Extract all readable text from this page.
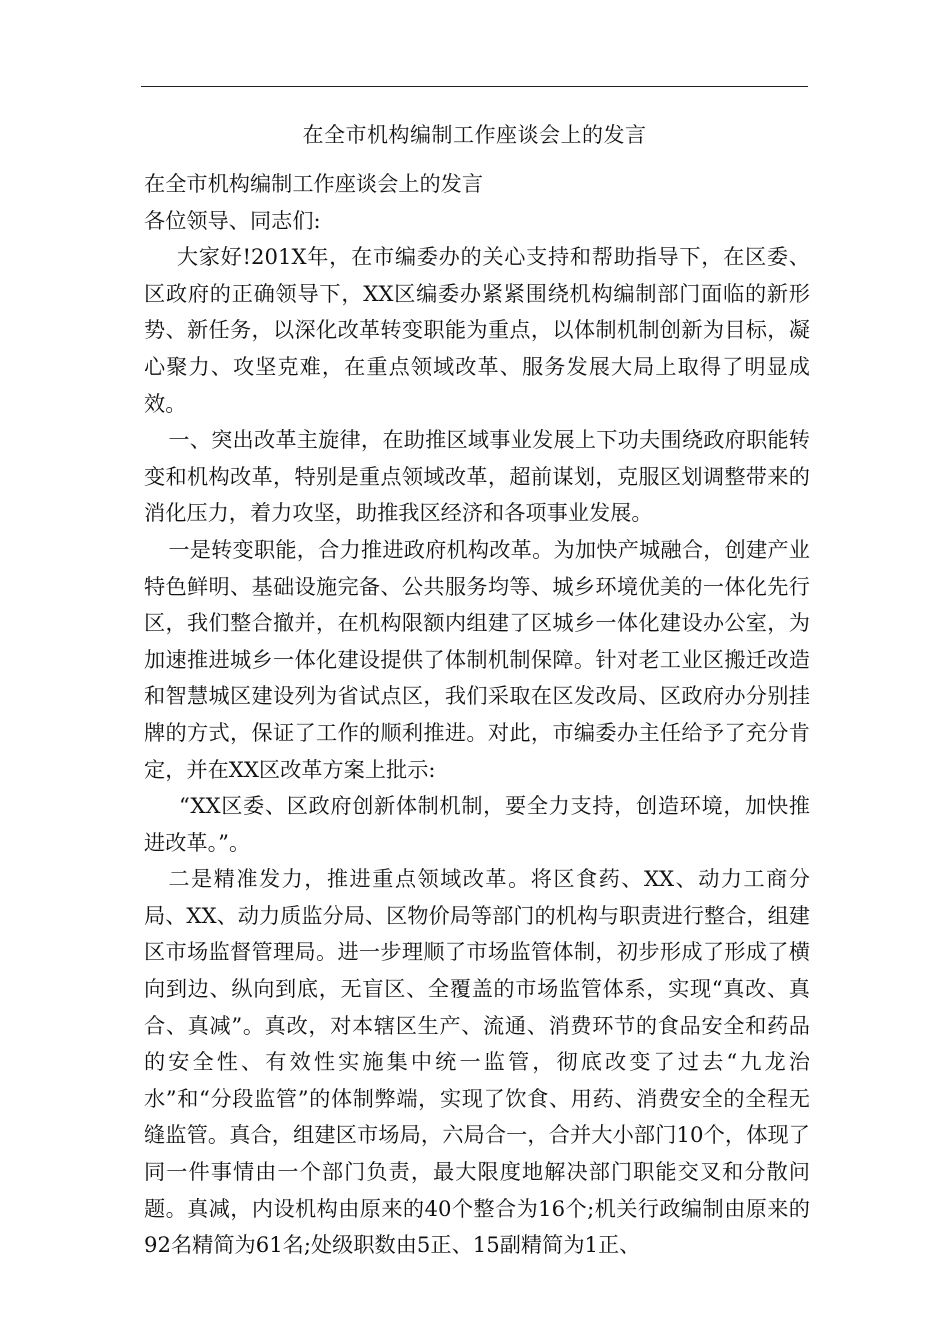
在全市机构编制工作座谈会上的发言

在全市机构编制工作座谈会上的发言

各位领导、同志们:

大家好!201X年，在市编委办的关心支持和帮助指导下，在区委、区政府的正确领导下，XX区编委办紧紧围绕机构编制部门面临的新形势、新任务，以深化改革转变职能为重点，以体制机制创新为目标，凝心聚力、攻坚克难，在重点领域改革、服务发展大局上取得了明显成效。

一、突出改革主旋律，在助推区域事业发展上下功夫围绕政府职能转变和机构改革，特别是重点领域改革，超前谋划，克服区划调整带来的消化压力，着力攻坚，助推我区经济和各项事业发展。

一是转变职能，合力推进政府机构改革。为加快产城融合，创建产业特色鲜明、基础设施完备、公共服务均等、城乡环境优美的一体化先行区，我们整合撤并，在机构限额内组建了区城乡一体化建设办公室，为加速推进城乡一体化建设提供了体制机制保障。针对老工业区搬迁改造和智慧城区建设列为省试点区，我们采取在区发改局、区政府办分别挂牌的方式，保证了工作的顺利推进。对此，市编委办主任给予了充分肯定，并在XX区改革方案上批示:

“XX区委、区政府创新体制机制，要全力支持，创造环境，加快推进改革。”。

二是精准发力，推进重点领域改革。将区食药、XX、动力工商分局、XX、动力质监分局、区物价局等部门的机构与职责进行整合，组建区市场监督管理局。进一步理顺了市场监管体制，初步形成了形成了横向到边、纵向到底，无盲区、全覆盖的市场监管体系，实现“真改、真合、真减”。真改，对本辖区生产、流通、消费环节的食品安全和药品的安全性、有效性实施集中统一监管，彻底改变了过去“九龙治水”和“分段监管”的体制弊端，实现了饮食、用药、消费安全的全程无缝监管。真合，组建区市场局，六局合一，合并大小部门10个，体现了同一件事情由一个部门负责，最大限度地解决部门职能交叉和分散问题。真减，内设机构由原来的40个整合为16个;机关行政编制由原来的92名精简为61名;处级职数由5正、15副精简为1正、
